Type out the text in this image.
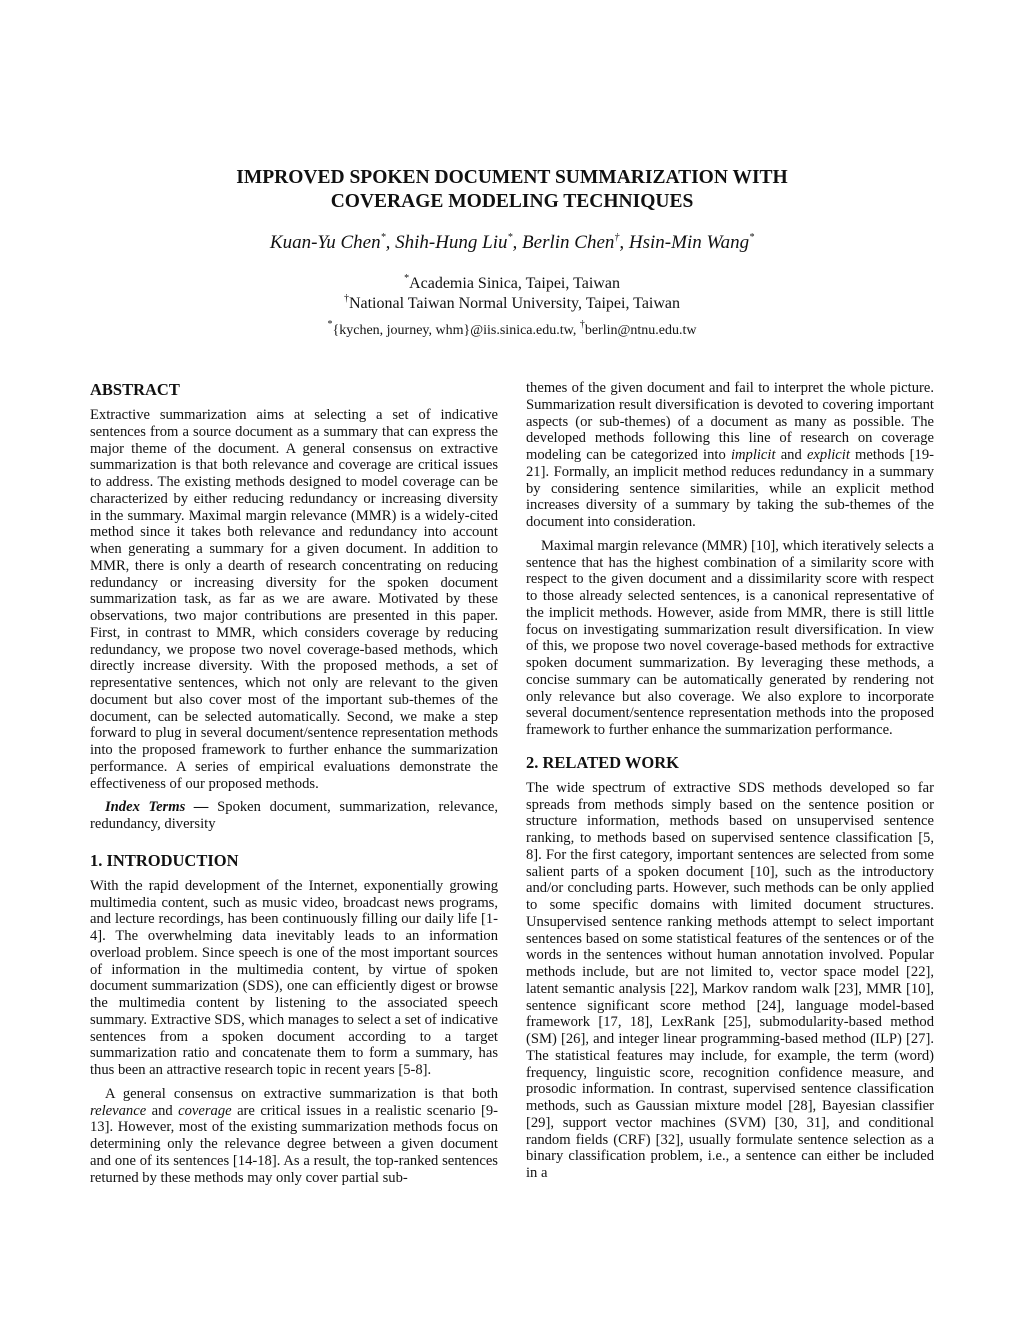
IMPROVED SPOKEN DOCUMENT SUMMARIZATION WITH
COVERAGE MODELING TECHNIQUES
Kuan-Yu Chen*, Shih-Hung Liu*, Berlin Chen†, Hsin-Min Wang*
*Academia Sinica, Taipei, Taiwan
†National Taiwan Normal University, Taipei, Taiwan
*{kychen, journey, whm}@iis.sinica.edu.tw, †berlin@ntnu.edu.tw

ABSTRACT

Extractive summarization aims at selecting a set of indicative sentences from a source document as a summary that can express the major theme of the document. A general consensus on extractive summarization is that both relevance and coverage are critical issues to address. The existing methods designed to model coverage can be characterized by either reducing redundancy or increasing diversity in the summary. Maximal margin relevance (MMR) is a widely-cited method since it takes both relevance and redundancy into account when generating a summary for a given document. In addition to MMR, there is only a dearth of research concentrating on reducing redundancy or increasing diversity for the spoken document summarization task, as far as we are aware. Motivated by these observations, two major contributions are presented in this paper. First, in contrast to MMR, which considers coverage by reducing redundancy, we propose two novel coverage-based methods, which directly increase diversity. With the proposed methods, a set of representative sentences, which not only are relevant to the given document but also cover most of the important sub-themes of the document, can be selected automatically. Second, we make a step forward to plug in several document/sentence representation methods into the proposed framework to further enhance the summarization performance. A series of empirical evaluations demonstrate the effectiveness of our proposed methods.

Index Terms — Spoken document, summarization, relevance, redundancy, diversity

1. INTRODUCTION

With the rapid development of the Internet, exponentially growing multimedia content, such as music video, broadcast news programs, and lecture recordings, has been continuously filling our daily life [1-4]. The overwhelming data inevitably leads to an information overload problem. Since speech is one of the most important sources of information in the multimedia content, by virtue of spoken document summarization (SDS), one can efficiently digest or browse the multimedia content by listening to the associated speech summary. Extractive SDS, which manages to select a set of indicative sentences from a spoken document according to a target summarization ratio and concatenate them to form a summary, has thus been an attractive research topic in recent years [5-8].

A general consensus on extractive summarization is that both relevance and coverage are critical issues in a realistic scenario [9-13]. However, most of the existing summarization methods focus on determining only the relevance degree between a given document and one of its sentences [14-18]. As a result, the top-ranked sentences returned by these methods may only cover partial sub-

themes of the given document and fail to interpret the whole picture. Summarization result diversification is devoted to covering important aspects (or sub-themes) of a document as many as possible. The developed methods following this line of research on coverage modeling can be categorized into implicit and explicit methods [19-21]. Formally, an implicit method reduces redundancy in a summary by considering sentence similarities, while an explicit method increases diversity of a summary by taking the sub-themes of the document into consideration.

Maximal margin relevance (MMR) [10], which iteratively selects a sentence that has the highest combination of a similarity score with respect to the given document and a dissimilarity score with respect to those already selected sentences, is a canonical representative of the implicit methods. However, aside from MMR, there is still little focus on investigating summarization result diversification. In view of this, we propose two novel coverage-based methods for extractive spoken document summarization. By leveraging these methods, a concise summary can be automatically generated by rendering not only relevance but also coverage. We also explore to incorporate several document/sentence representation methods into the proposed framework to further enhance the summarization performance.

2. RELATED WORK

The wide spectrum of extractive SDS methods developed so far spreads from methods simply based on the sentence position or structure information, methods based on unsupervised sentence ranking, to methods based on supervised sentence classification [5, 8]. For the first category, important sentences are selected from some salient parts of a spoken document [10], such as the introductory and/or concluding parts. However, such methods can be only applied to some specific domains with limited document structures. Unsupervised sentence ranking methods attempt to select important sentences based on some statistical features of the sentences or of the words in the sentences without human annotation involved. Popular methods include, but are not limited to, vector space model [22], latent semantic analysis [22], Markov random walk [23], MMR [10], sentence significant score method [24], language model-based framework [17, 18], LexRank [25], submodularity-based method (SM) [26], and integer linear programming-based method (ILP) [27]. The statistical features may include, for example, the term (word) frequency, linguistic score, recognition confidence measure, and prosodic information. In contrast, supervised sentence classification methods, such as Gaussian mixture model [28], Bayesian classifier [29], support vector machines (SVM) [30, 31], and conditional random fields (CRF) [32], usually formulate sentence selection as a binary classification problem, i.e., a sentence can either be included in a
